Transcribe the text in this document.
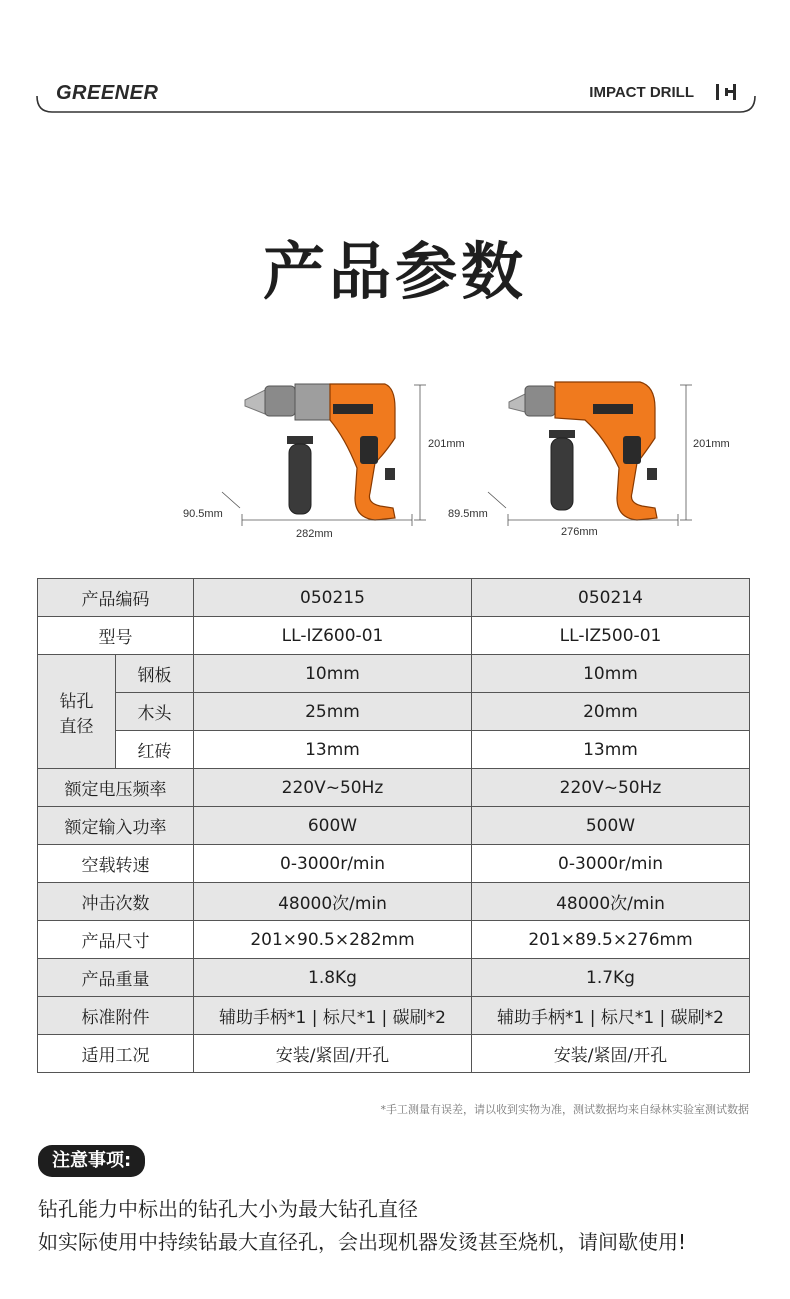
GREENER	IMPACT DRILL
产品参数
201mm
90.5mm
282mm
201mm
89.5mm
276mm
产品编码		050215	050214
型号		LL-IZ600-01	LL-IZ500-01
钻孔
直径	钢板	10mm	10mm
	木头	25mm	20mm
	红砖	13mm	13mm
额定电压频率		220V~50Hz	220V~50Hz
额定输入功率		600W	500W
空载转速		0-3000r/min	0-3000r/min
冲击次数		48000次/min	48000次/min
产品尺寸		201×90.5×282mm	201×89.5×276mm
产品重量		1.8Kg	1.7Kg
标准附件		辅助手柄*1 | 标尺*1 | 碳刷*2	辅助手柄*1 | 标尺*1 | 碳刷*2
适用工况		安装/紧固/开孔	安装/紧固/开孔
*手工测量有误差，请以收到实物为准，测试数据均来自绿林实验室测试数据
注意事项:
钻孔能力中标出的钻孔大小为最大钻孔直径
如实际使用中持续钻最大直径孔，会出现机器发烫甚至烧机，请间歇使用!
